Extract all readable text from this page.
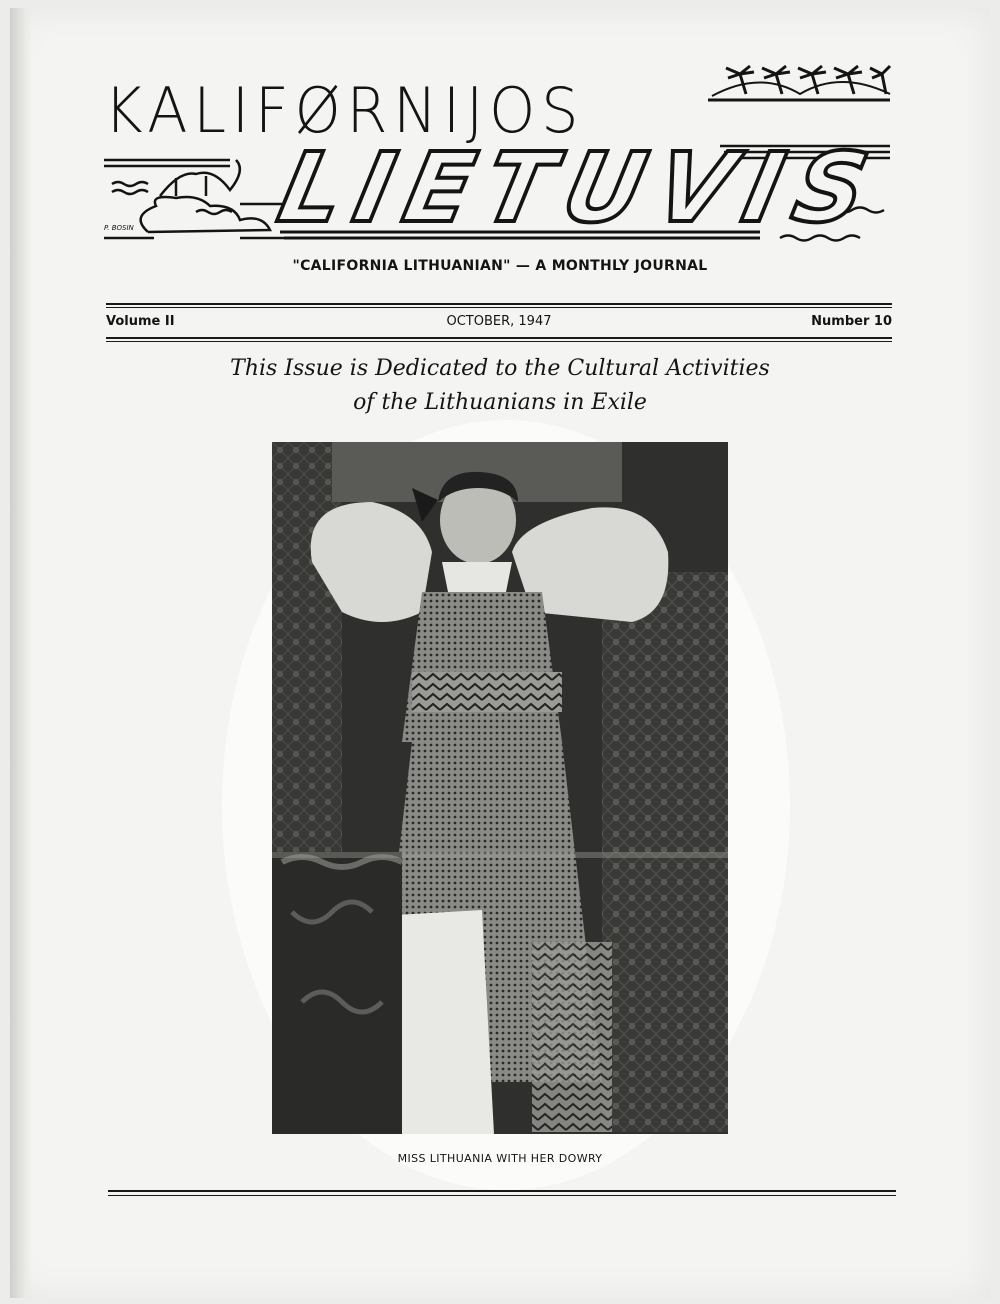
P. BOSIN
KALIFØRNIJOS
LIETUVIS
"CALIFORNIA LITHUANIAN" — A MONTHLY JOURNAL
Volume II	OCTOBER, 1947	Number 10
This Issue is Dedicated to the Cultural Activities
of the Lithuanians in Exile
MISS LITHUANIA WITH HER DOWRY
